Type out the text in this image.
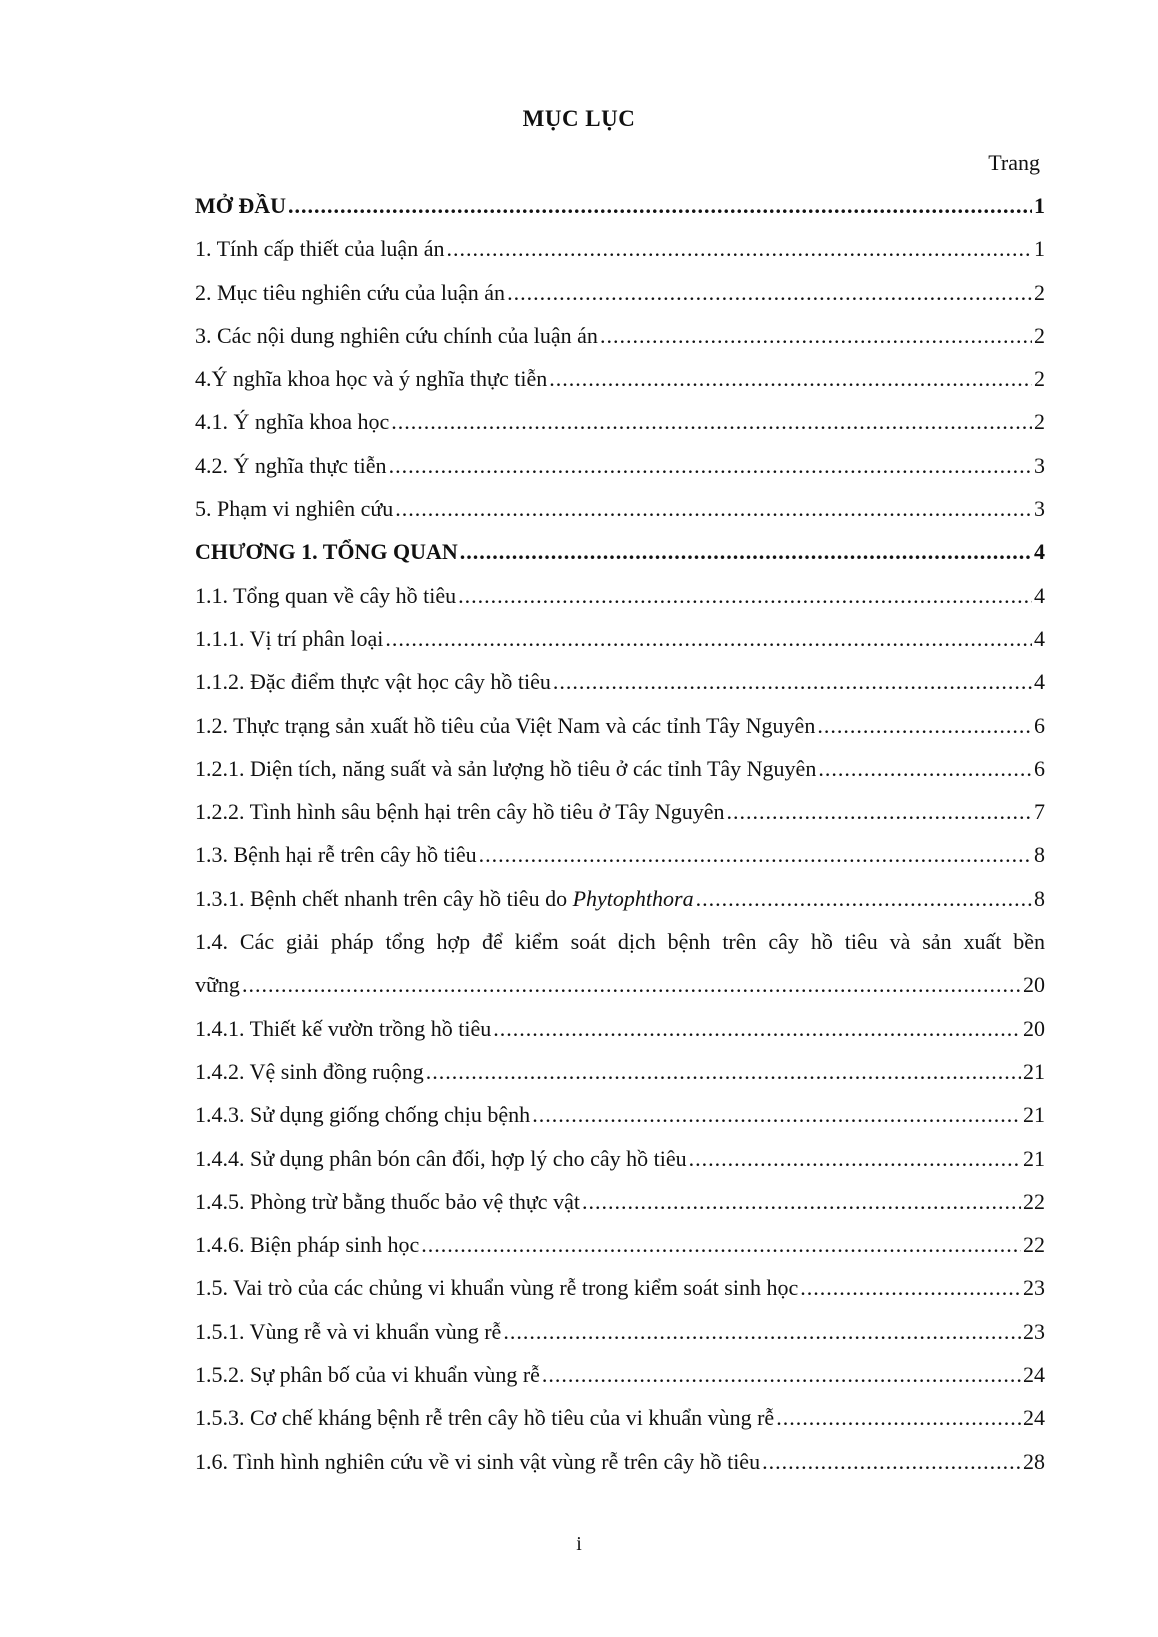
MỤC LỤC
Trang
MỞ ĐẦU .....	1
1. Tính cấp thiết của luận án .....	1
2. Mục tiêu nghiên cứu của luận án .....	2
3. Các nội dung nghiên cứu chính của luận án .....	2
4.Ý nghĩa khoa học và ý nghĩa thực tiễn .....	2
4.1. Ý nghĩa khoa học .....	2
4.2. Ý nghĩa thực tiễn .....	3
5. Phạm vi nghiên cứu .....	3
CHƯƠNG 1. TỔNG QUAN .....	4
1.1. Tổng quan về cây hồ tiêu .....	4
1.1.1. Vị trí phân loại .....	4
1.1.2. Đặc điểm thực vật học cây hồ tiêu .....	4
1.2. Thực trạng sản xuất hồ tiêu của Việt Nam và các tỉnh Tây Nguyên .....	6
1.2.1. Diện tích, năng suất và sản lượng hồ tiêu ở các tỉnh Tây Nguyên .....	6
1.2.2. Tình hình sâu bệnh hại trên cây hồ tiêu ở Tây Nguyên .....	7
1.3. Bệnh hại rễ trên cây hồ tiêu .....	8
1.3.1. Bệnh chết nhanh trên cây hồ tiêu do Phytophthora .....	8
1.4. Các giải pháp tổng hợp để kiểm soát dịch bệnh trên cây hồ tiêu và sản xuất bền
vững .....	20
1.4.1. Thiết kế vườn trồng hồ tiêu .....	20
1.4.2. Vệ sinh đồng ruộng .....	21
1.4.3. Sử dụng giống chống chịu bệnh .....	21
1.4.4. Sử dụng phân bón cân đối, hợp lý cho cây hồ tiêu .....	21
1.4.5. Phòng trừ bằng thuốc bảo vệ thực vật .....	22
1.4.6. Biện pháp sinh học .....	22
1.5. Vai trò của các chủng vi khuẩn vùng rễ trong kiểm soát sinh học .....	23
1.5.1. Vùng rễ và vi khuẩn vùng rễ .....	23
1.5.2. Sự phân bố của vi khuẩn vùng rễ .....	24
1.5.3. Cơ chế kháng bệnh rễ trên cây hồ tiêu của vi khuẩn vùng rễ .....	24
1.6. Tình hình nghiên cứu về vi sinh vật vùng rễ trên cây hồ tiêu .....	28
i
